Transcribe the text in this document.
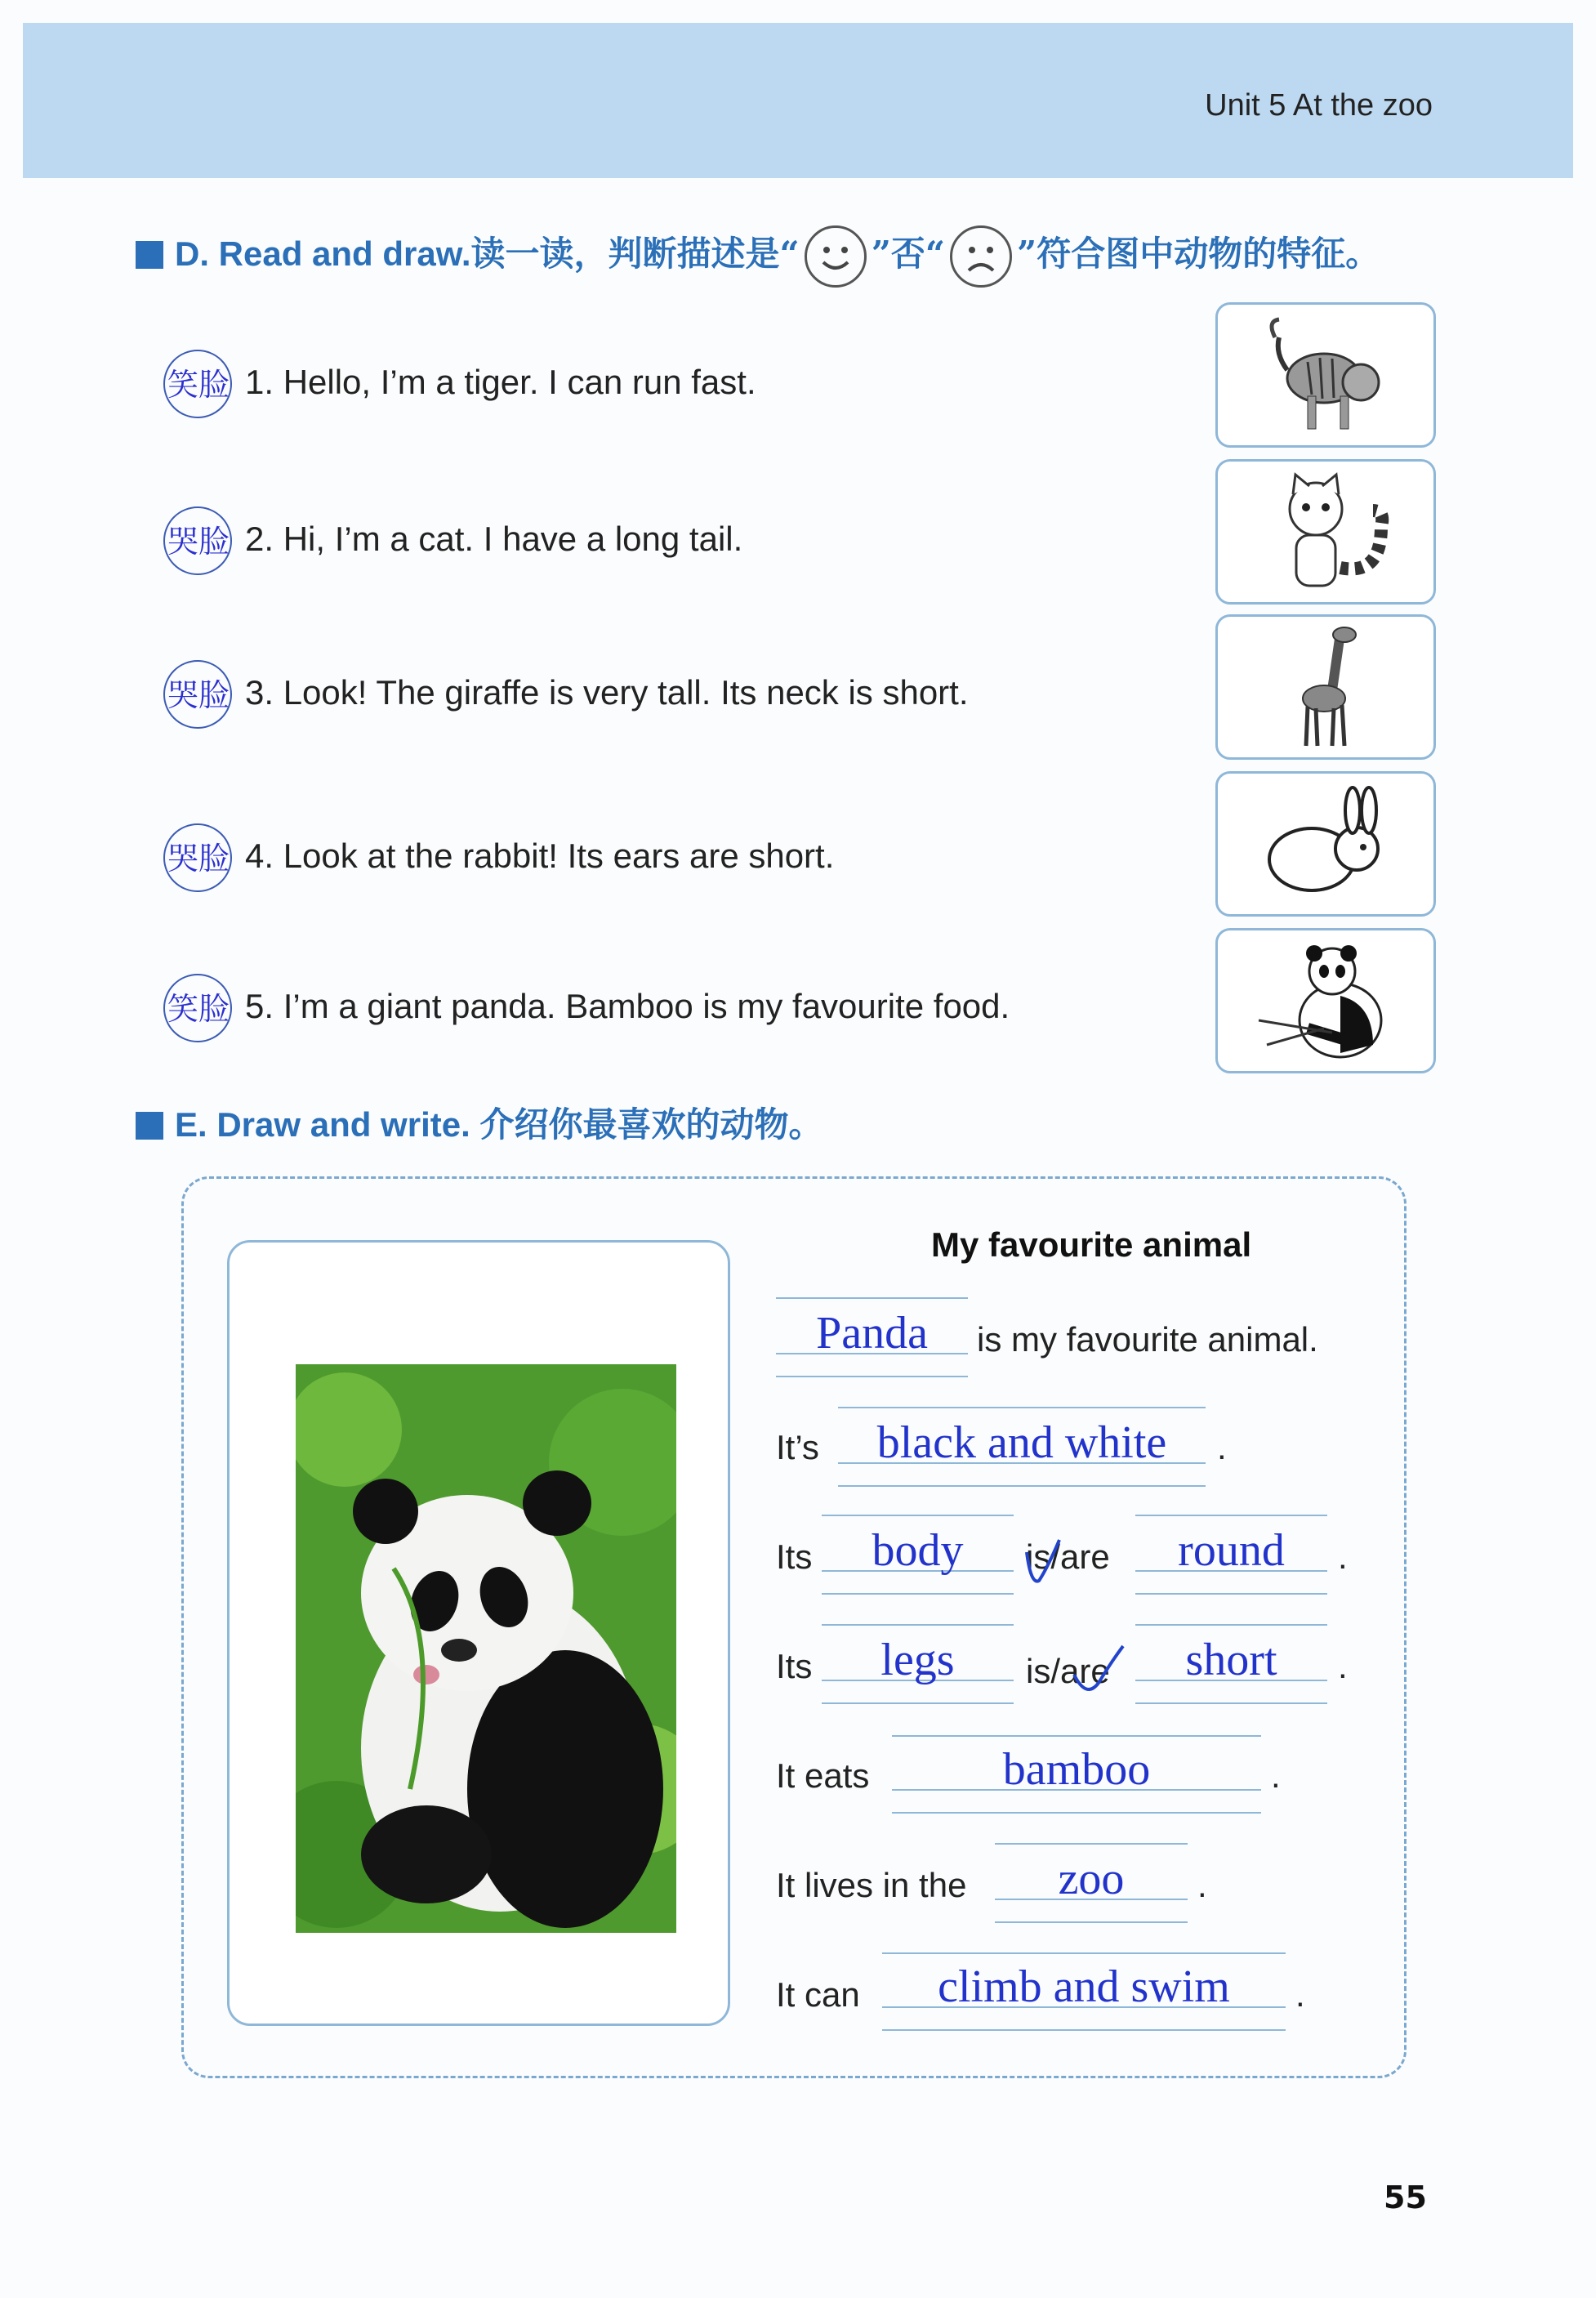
Unit 5 At the zoo
D. Read and draw.读一读，判断描述是“ ”否“ ”符合图中动物的特征。
笑脸 1. Hello, I’m a tiger. I can run fast.
哭脸 2. Hi, I’m a cat. I have a long tail.
哭脸 3. Look! The giraffe is very tall. Its neck is short.
哭脸 4. Look at the rabbit! Its ears are short.
笑脸 5. I’m a giant panda. Bamboo is my favourite food.
E. Draw and write. 介绍你最喜欢的动物。
My favourite animal
Panda	is my favourite animal.
It’s	black and white	.
Its	body	is/are	round	.
Its	legs	is/are	short	.
It eats	bamboo	.
It lives in the	zoo	.
It can	climb and swim	.
55
